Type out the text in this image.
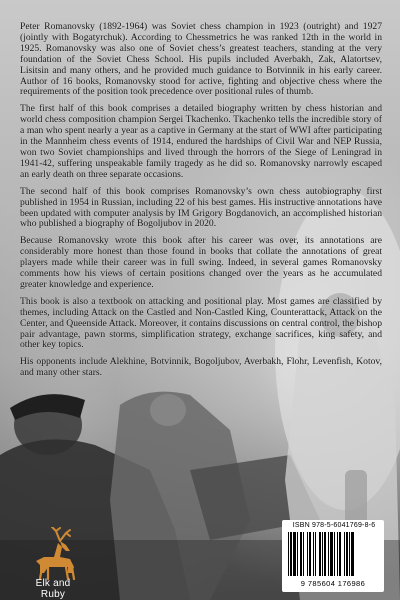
Peter Romanovsky (1892-1964) was Soviet chess champion in 1923 (outright) and 1927 (jointly with Bogatyrchuk). According to Chessmetrics he was ranked 12th in the world in 1925. Romanovsky was also one of Soviet chess’s greatest teachers, standing at the very foundation of the Soviet Chess School. His pupils included Averbakh, Zak, Alatortsev, Lisitsin and many others, and he provided much guidance to Botvinnik in his early career. Author of 16 books, Romanovsky stood for active, fighting and objective chess where the requirements of the position took precedence over positional rules of thumb.

The first half of this book comprises a detailed biography written by chess historian and world chess composition champion Sergei Tkachenko. Tkachenko tells the incredible story of a man who spent nearly a year as a captive in Germany at the start of WWI after participating in the Mannheim chess events of 1914, endured the hardships of Civil War and NEP Russia, won two Soviet championships and lived through the horrors of the Siege of Leningrad in 1941-42, suffering unspeakable family tragedy as he did so. Romanovsky narrowly escaped an early death on three separate occasions.

The second half of this book comprises Romanovsky’s own chess autobiography first published in 1954 in Russian, including 22 of his best games. His instructive annotations have been updated with computer analysis by IM Grigory Bogdanovich, an accomplished historian who published a biography of Bogoljubov in 2020.

Because Romanovsky wrote this book after his career was over, its annotations are considerably more honest than those found in books that collate the annotations of great players made while their career was in full swing. Indeed, in several games Romanovsky comments how his views of certain positions changed over the years as he accumulated greater knowledge and experience.

This book is also a textbook on attacking and positional play. Most games are classified by themes, including Attack on the Castled and Non-Castled King, Counterattack, Attack on the Center, and Queenside Attack. Moreover, it contains discussions on central control, the bishop pair advantage, pawn storms, simplification strategy, exchange sacrifices, king safety, and other key topics.

His opponents include Alekhine, Botvinnik, Bogoljubov, Averbakh, Flohr, Levenfish, Kotov, and many other stars.

Elk and Ruby
ISBN 978-5-6041769-8-6
9 785604 176986
